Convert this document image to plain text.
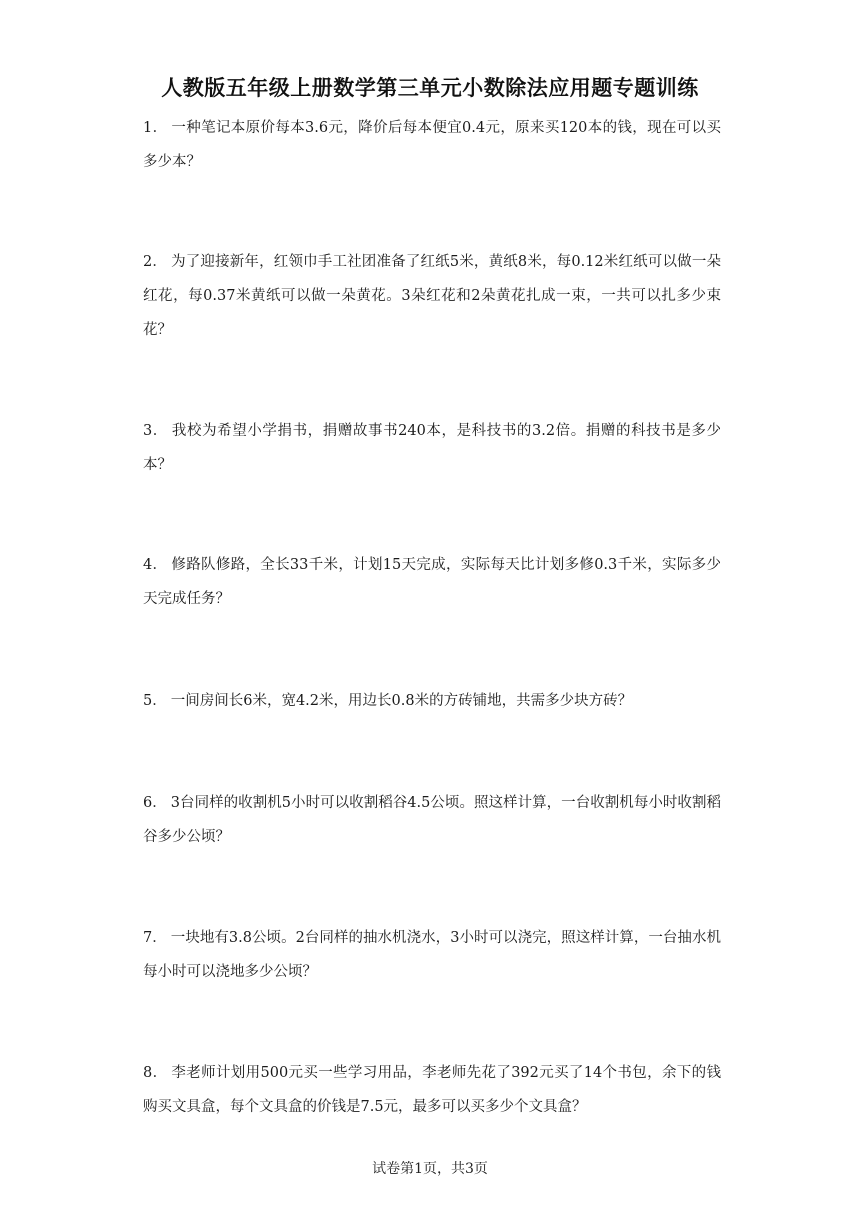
人教版五年级上册数学第三单元小数除法应用题专题训练
1． 一种笔记本原价每本3.6元，降价后每本便宜0.4元，原来买120本的钱，现在可以买多少本？
2． 为了迎接新年，红领巾手工社团准备了红纸5米，黄纸8米，每0.12米红纸可以做一朵红花，每0.37米黄纸可以做一朵黄花。3朵红花和2朵黄花扎成一束，一共可以扎多少束花？
3． 我校为希望小学捐书，捐赠故事书240本，是科技书的3.2倍。捐赠的科技书是多少本？
4． 修路队修路，全长33千米，计划15天完成，实际每天比计划多修0.3千米，实际多少天完成任务？
5． 一间房间长6米，宽4.2米，用边长0.8米的方砖铺地，共需多少块方砖？
6． 3台同样的收割机5小时可以收割稻谷4.5公顷。照这样计算，一台收割机每小时收割稻谷多少公顷？
7． 一块地有3.8公顷。2台同样的抽水机浇水，3小时可以浇完，照这样计算，一台抽水机每小时可以浇地多少公顷？
8． 李老师计划用500元买一些学习用品，李老师先花了392元买了14个书包，余下的钱购买文具盒，每个文具盒的价钱是7.5元，最多可以买多少个文具盒？
试卷第1页，共3页
